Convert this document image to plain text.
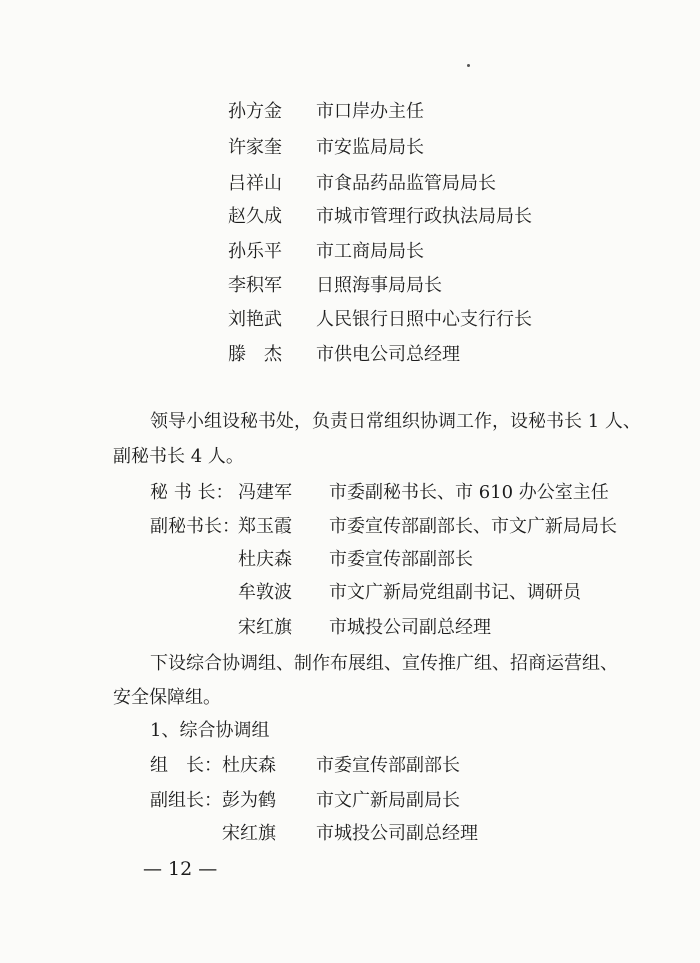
孙方金 市口岸办主任
许家奎 市安监局局长
吕祥山 市食品药品监管局局长
赵久成 市城市管理行政执法局局长
孙乐平 市工商局局长
李积军 日照海事局局长
刘艳武 人民银行日照中心支行行长
滕　杰 市供电公司总经理
领导小组设秘书处，负责日常组织协调工作，设秘书长 1 人、
副秘书长 4 人。
秘 书 长： 冯建军 市委副秘书长、市 610 办公室主任
副秘书长：
郑玉霞 市委宣传部副部长、市文广新局局长
杜庆森 市委宣传部副部长
牟敦波 市文广新局党组副书记、调研员
宋红旗 市城投公司副总经理
下设综合协调组、制作布展组、宣传推广组、招商运营组、
安全保障组。
1、综合协调组
组　长： 杜庆森 市委宣传部副部长
副组长： 彭为鹤 市文广新局副局长
宋红旗 市城投公司副总经理
— 12 —
